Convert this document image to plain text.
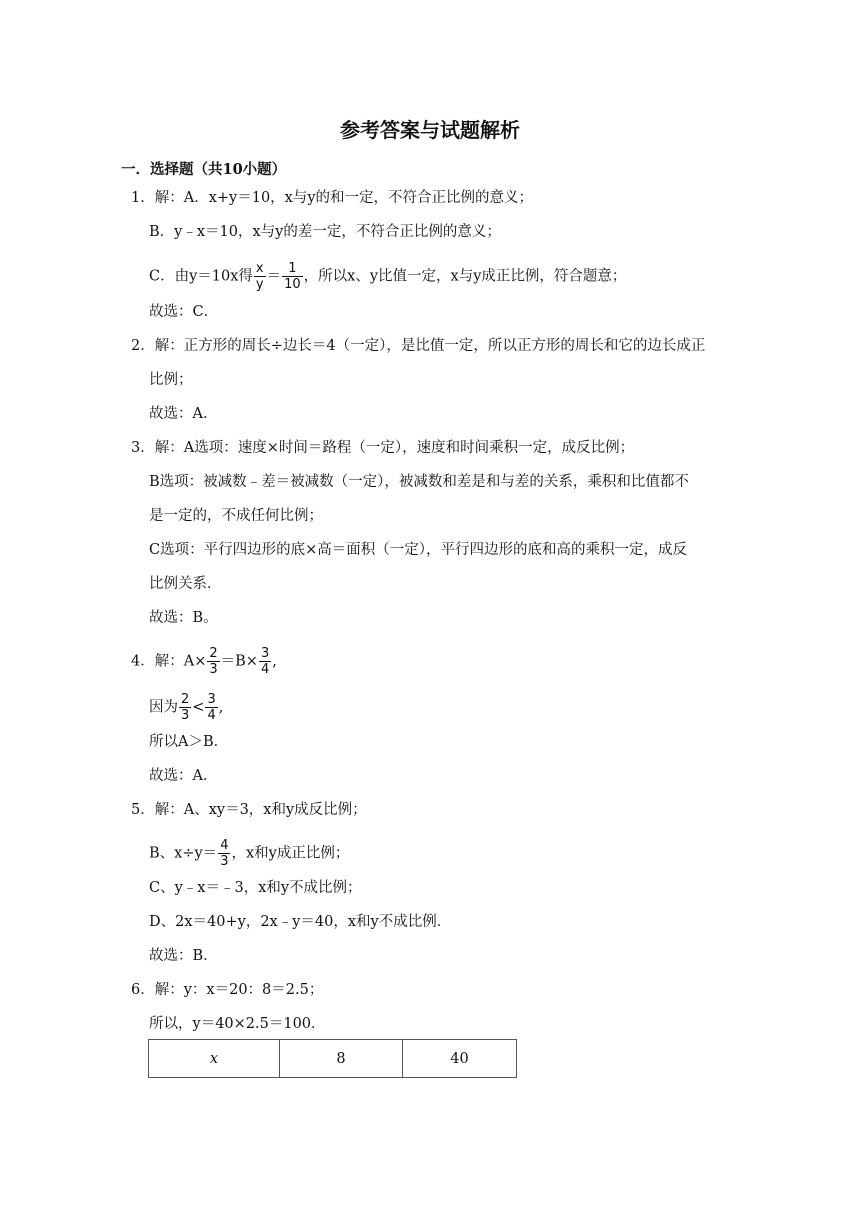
参考答案与试题解析
一．选择题（共10小题）
1．解：A．x+y＝10，x与y的和一定，不符合正比例的意义；
B．y﹣x＝10，x与y的差一定，不符合正比例的意义；
C．由y＝10x得 $\frac{x}{y} = \frac{1}{10}$ ，所以x、y比值一定，x与y成正比例，符合题意；
故选：C．
2．解：正方形的周长÷边长＝4（一定），是比值一定，所以正方形的周长和它的边长成正
比例；
故选：A．
3．解：A选项：速度×时间＝路程（一定），速度和时间乘积一定，成反比例；
B选项：被减数﹣差＝被减数（一定），被减数和差是和与差的关系，乘积和比值都不
是一定的，不成任何比例；
C选项：平行四边形的底×高＝面积（一定），平行四边形的底和高的乘积一定，成反
比例关系．
故选：B。
4．解：$A\times \frac{2}{3} =B\times \frac{3}{4}$ ,
因为 $\frac{2}{3} < \frac{3}{4}$ ,
所以A＞B．
故选：A．
5．解：A、xy＝3，x和y成反比例；
B、$x\div y= \frac{4}{3}$ ，x和y成正比例；
C、y﹣x＝﹣3，x和y不成比例；
D、2x＝40+y，2x﹣y＝40，x和y不成比例．
故选：B．
6．解：y：x＝20：8＝2.5；
所以，y＝40×2.5＝100．
x	8	40
